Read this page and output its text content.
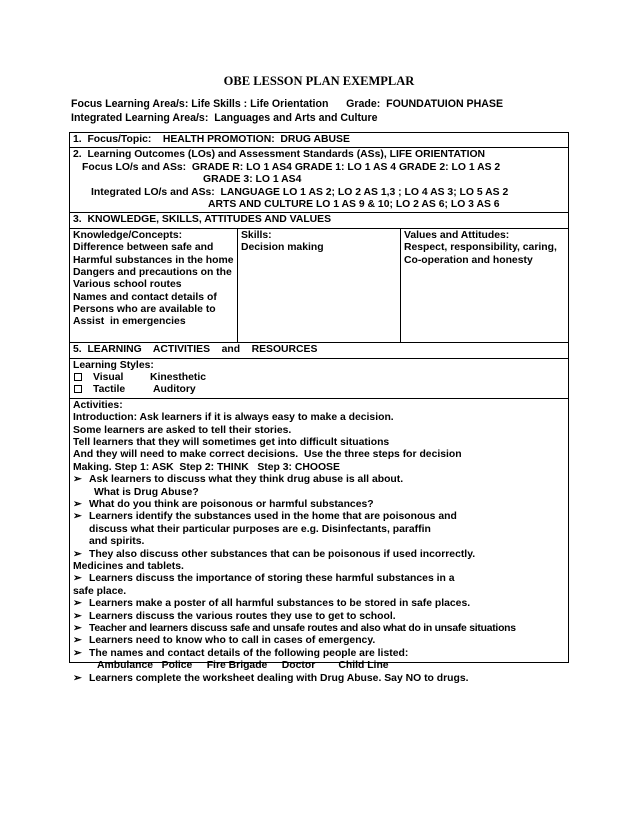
OBE LESSON PLAN EXEMPLAR
Focus Learning Area/s: Life Skills : Life Orientation      Grade:  FOUNDATUION PHASE
Integrated Learning Area/s:  Languages and Arts and Culture
1.  Focus/Topic:    HEALTH PROMOTION:  DRUG ABUSE
2.  Learning Outcomes (LOs) and Assessment Standards (ASs), LIFE ORIENTATION
Focus LO/s and ASs:  GRADE R: LO 1 AS4 GRADE 1: LO 1 AS 4 GRADE 2: LO 1 AS 2
GRADE 3: LO 1 AS4
Integrated LO/s and ASs:  LANGUAGE LO 1 AS 2; LO 2 AS 1,3 ; LO 4 AS 3; LO 5 AS 2
ARTS AND CULTURE LO 1 AS 9 & 10; LO 2 AS 6; LO 3 AS 6
3.  KNOWLEDGE, SKILLS, ATTITUDES AND VALUES
Knowledge/Concepts:
Difference between safe and
Harmful substances in the home
Dangers and precautions on the
Various school routes
Names and contact details of
Persons who are available to
Assist  in emergencies
Skills:
Decision making
Values and Attitudes:
Respect, responsibility, caring,
Co-operation and honesty
5.  LEARNING    ACTIVITIES    and    RESOURCES
Learning Styles:
Visual	Kinesthetic
Tactile	Auditory
Activities:
Introduction: Ask learners if it is always easy to make a decision.
Some learners are asked to tell their stories.
Tell learners that they will sometimes get into difficult situations
And they will need to make correct decisions.  Use the three steps for decision
Making. Step 1: ASK  Step 2: THINK   Step 3: CHOOSE
➢ Ask learners to discuss what they think drug abuse is all about.
What is Drug Abuse?
➢ What do you think are poisonous or harmful substances?
➢ Learners identify the substances used in the home that are poisonous and
discuss what their particular purposes are e.g. Disinfectants, paraffin
and spirits.
➢ They also discuss other substances that can be poisonous if used incorrectly.
Medicines and tablets.
➢ Learners discuss the importance of storing these harmful substances in a
safe place.
➢ Learners make a poster of all harmful substances to be stored in safe places.
➢ Learners discuss the various routes they use to get to school.
➢ Teacher and learners discuss safe and unsafe routes and also what do in unsafe situations
➢ Learners need to know who to call in cases of emergency.
➢ The names and contact details of the following people are listed:
Ambulance   Police     Fire Brigade     Doctor        Child Line
➢ Learners complete the worksheet dealing with Drug Abuse. Say NO to drugs.
